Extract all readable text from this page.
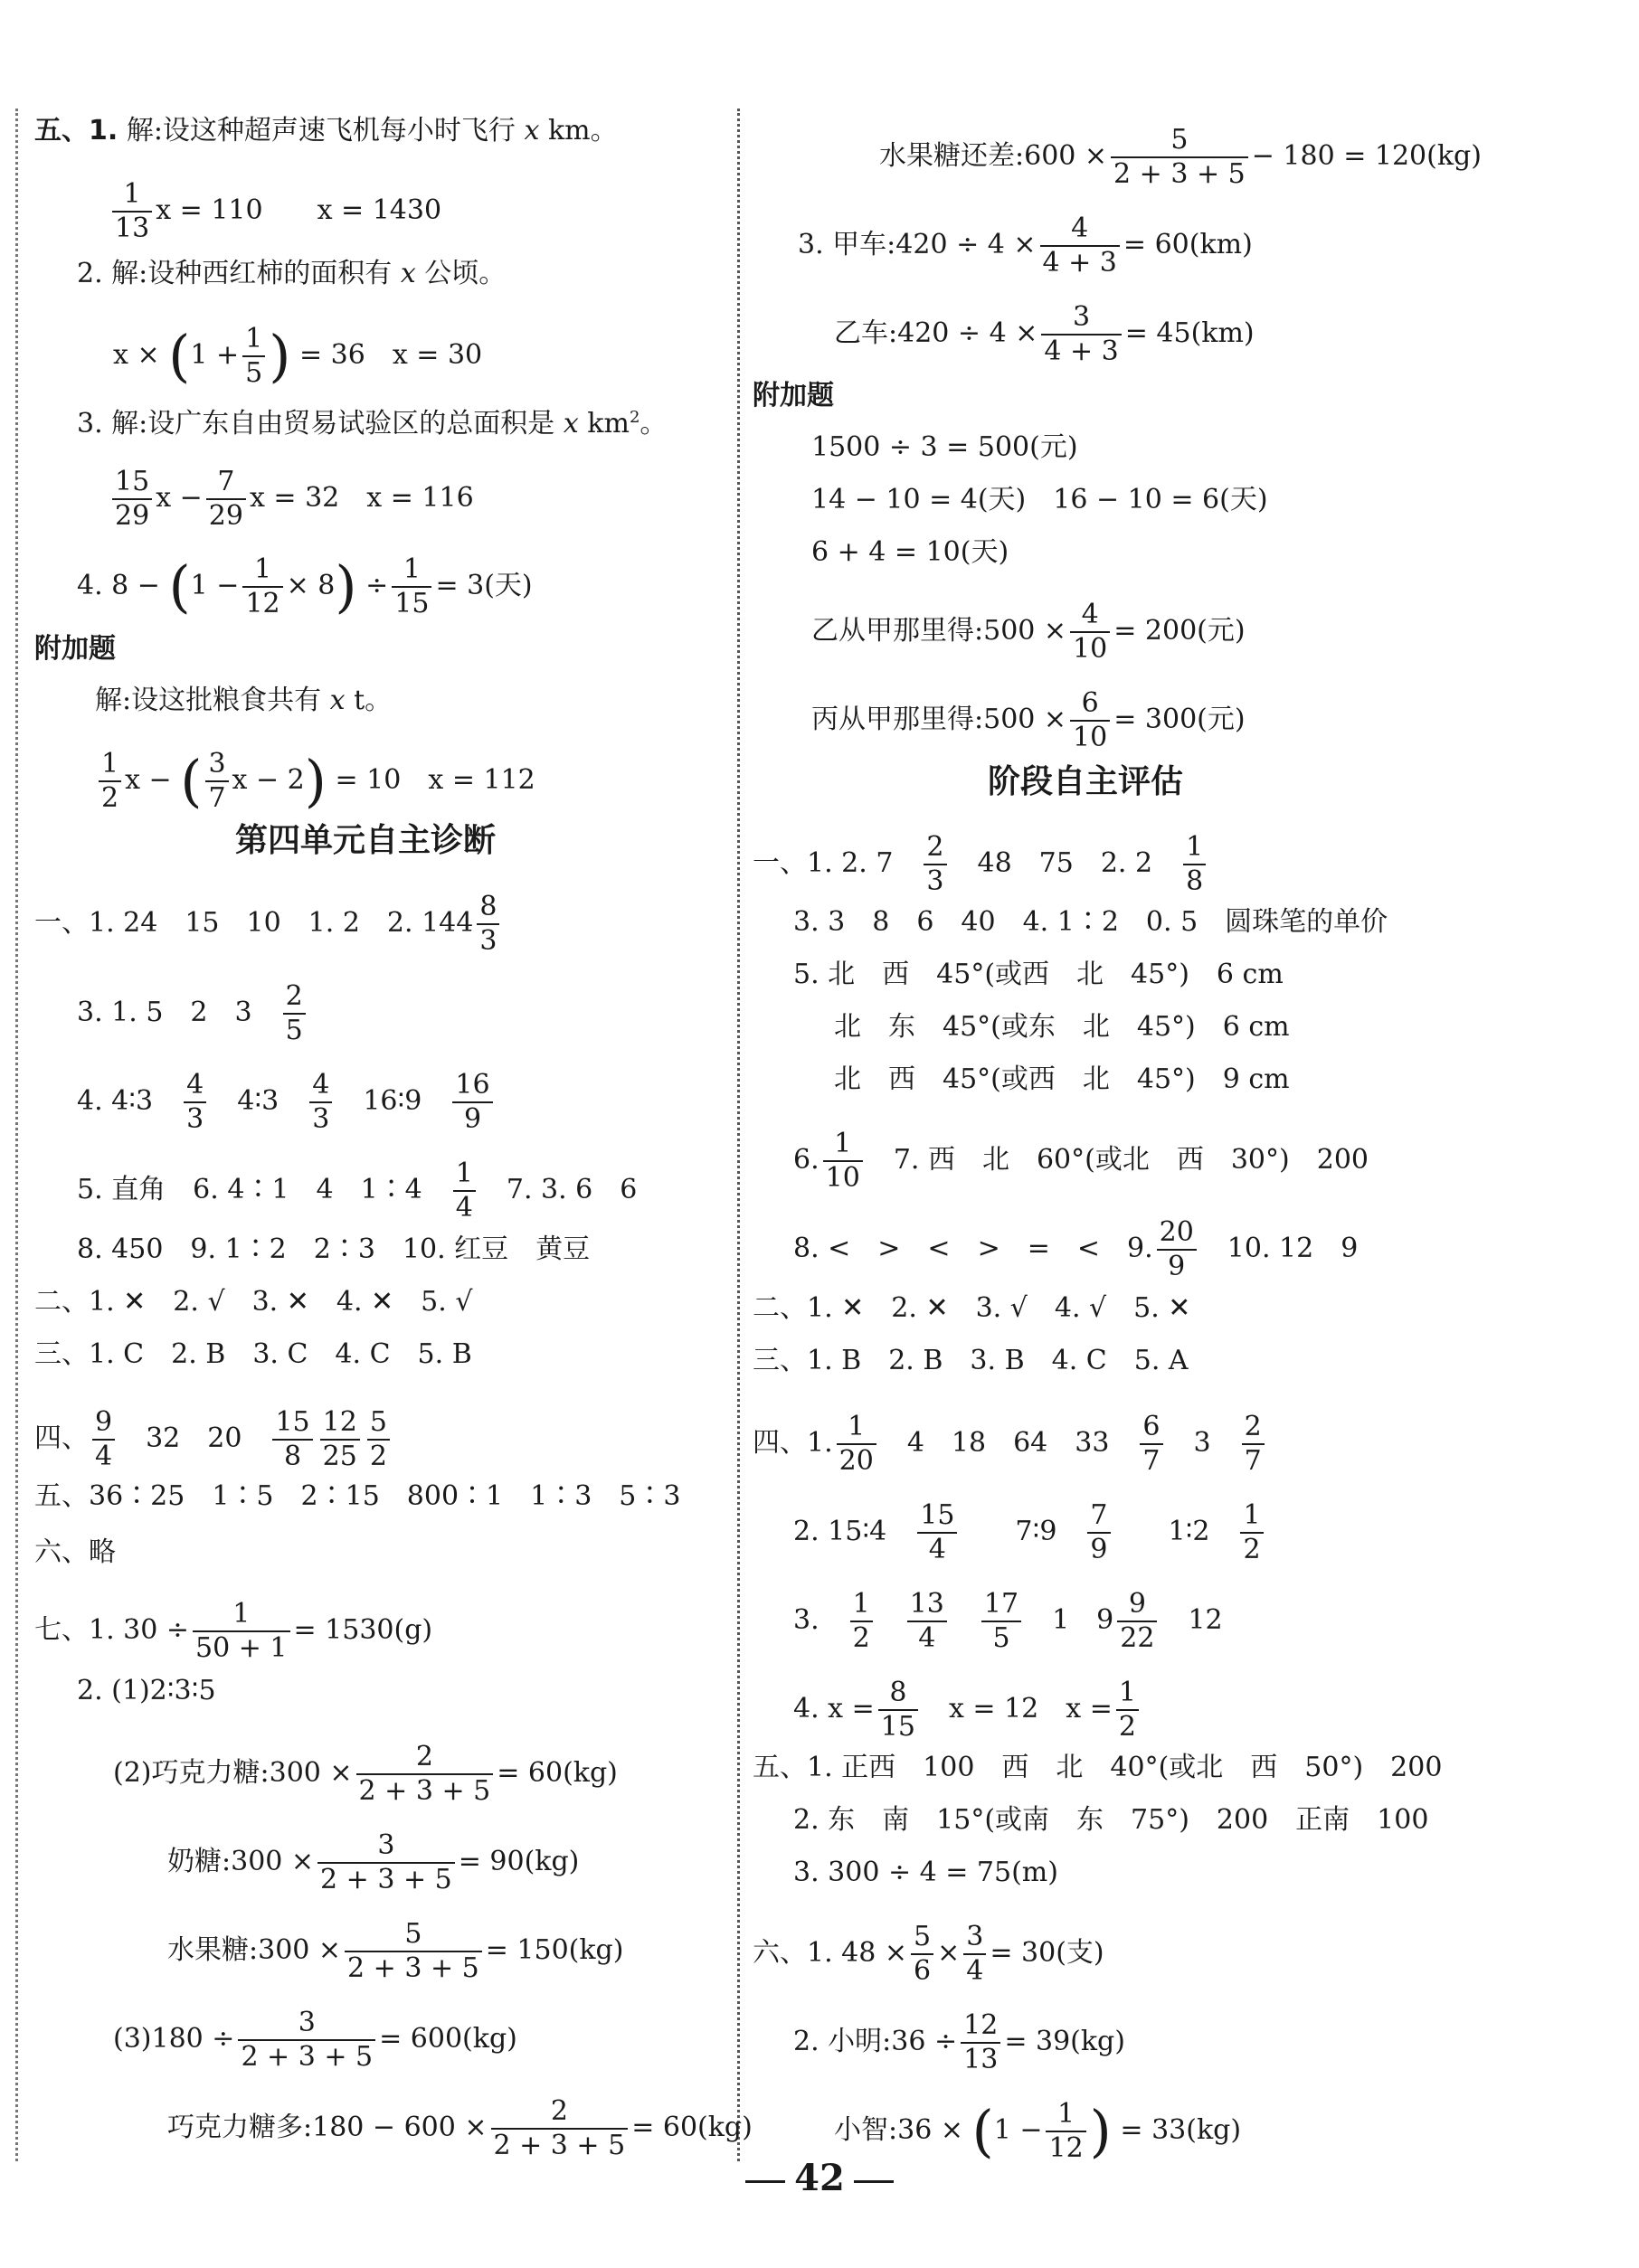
五、1. 解:设这种超声速飞机每小时飞行 x km。
$\frac{1}{13}$ x = 110 x = 1430
2. 解:设种西红柿的面积有 x 公顷。
$x \times (1 + \frac{1}{5}$ ) = 36 x = 30
3. 解:设广东自由贸易试验区的总面积是 x $km^2$。
$\frac{15}{29}$ $x - \frac{7}{29}$ x = 32 x = 116
4. $8 - (1 - \frac{1}{12} \times 8) \div \frac{1}{15} = 3$(天)
附加题
解:设这批粮食共有 x t。
$\frac{1}{2}$ x − ( $\frac{3}{7}$ x − 2) = 10 x = 112
第四单元自主诊断
一、1. 24　15　10　1. 2　2. $144 \frac{8}{3}$
3. 1. 5　2　$3 \frac{2}{5}$
4. 4∶3 $\frac{4}{3}$ 4∶3 $\frac{4}{3}$ 16∶9 $\frac{16}{9}$
5. 直角　6. 4∶1　4　1∶4 $\frac{1}{4} 7$. 3. 6　6
8. 450　9. 1∶2　2∶3　10. 红豆　黄豆
二、1. ✕　2. √　3. ✕　4. ✕　5. √
三、1. C　2. B　3. C　4. C　5. B
四、 $\frac{9}{4} 32$　$20 \frac{15}{8} \frac{12}{25} \frac{5}{2}$
五、36∶25　1∶5　2∶15　800∶1　1∶3　5∶3
六、略
七、1. $30 \div \frac{1}{50 + 1} = 1530(g)$
2. (1)2∶3∶5
(2)巧克力糖:300 × $\frac{2}{2 + 3 + 5} = 60(kg)$
奶糖:300 × $\frac{3}{2 + 3 + 5} = 90(kg)$
水果糖:300 × $\frac{5}{2 + 3 + 5} = 150(kg)$
$(3)180 \div \frac{3}{2 + 3 + 5} = 600(kg)$
巧克力糖多:180 − $600 \times \frac{2}{2 + 3 + 5} = 60(kg)$
水果糖还差:600 × $\frac{5}{2 + 3 + 5} - 180 = 120(kg)$
3. 甲车:420 ÷ $4 \times \frac{4}{4 + 3} = 60(km)$
乙车:420 ÷ $4 \times \frac{3}{4 + 3} = 45(km)$
附加题
1500 ÷ 3 = 500(元)
14 − 10 = 4(天)　16 − 10 = 6(天)
6 + 4 = 10(天)
乙从甲那里得:500 × $\frac{4}{10} = 200$(元)
丙从甲那里得:500 × $\frac{6}{10} = 300$(元)
阶段自主评估
一、1. 2. $7 \frac{2}{3} 48$　75　2. $2 \frac{1}{8}$
3. 3　8　6　40　4. 1∶2　0. 5　圆珠笔的单价
5. 北　西　45°(或西　北　45°)　6 cm
北　东　45°(或东　北　45°)　6 cm
北　西　45°(或西　北　45°)　9 cm
6. $\frac{1}{10} 7$. 西　北　60°(或北　西　30°)　200
8. <　>　<　>　=　<　9. $\frac{20}{9} 10$. 12　9
二、1. ✕　2. ✕　3. √　4. √　5. ✕
三、1. B　2. B　3. B　4. C　5. A
四、1. $\frac{1}{20} 4$　18　64　$33 \frac{6}{7} 3 \frac{2}{7}$
2. 15∶4 $\frac{15}{4}$ 7∶9 $\frac{7}{9}$ 1∶2 $\frac{1}{2}$
3. $\frac{1}{2} \frac{13}{4} \frac{17}{5} 1$　$9 \frac{9}{22} 12$
4. $x = \frac{8}{15}$ x = 12　$x = \frac{1}{2}$
五、1. 正西　100　西　北　40°(或北　西　50°)　200
2. 东　南　15°(或南　东　75°)　200　正南　100
3. 300 ÷ 4 = 75(m)
六、1. $48 \times \frac{5}{6} \times \frac{3}{4} = 30$(支)
2. 小明:36 ÷ $\frac{12}{13} = 39(kg)$
小智:36 × ($1 - \frac{1}{12}$ ) = 33(kg)
42
